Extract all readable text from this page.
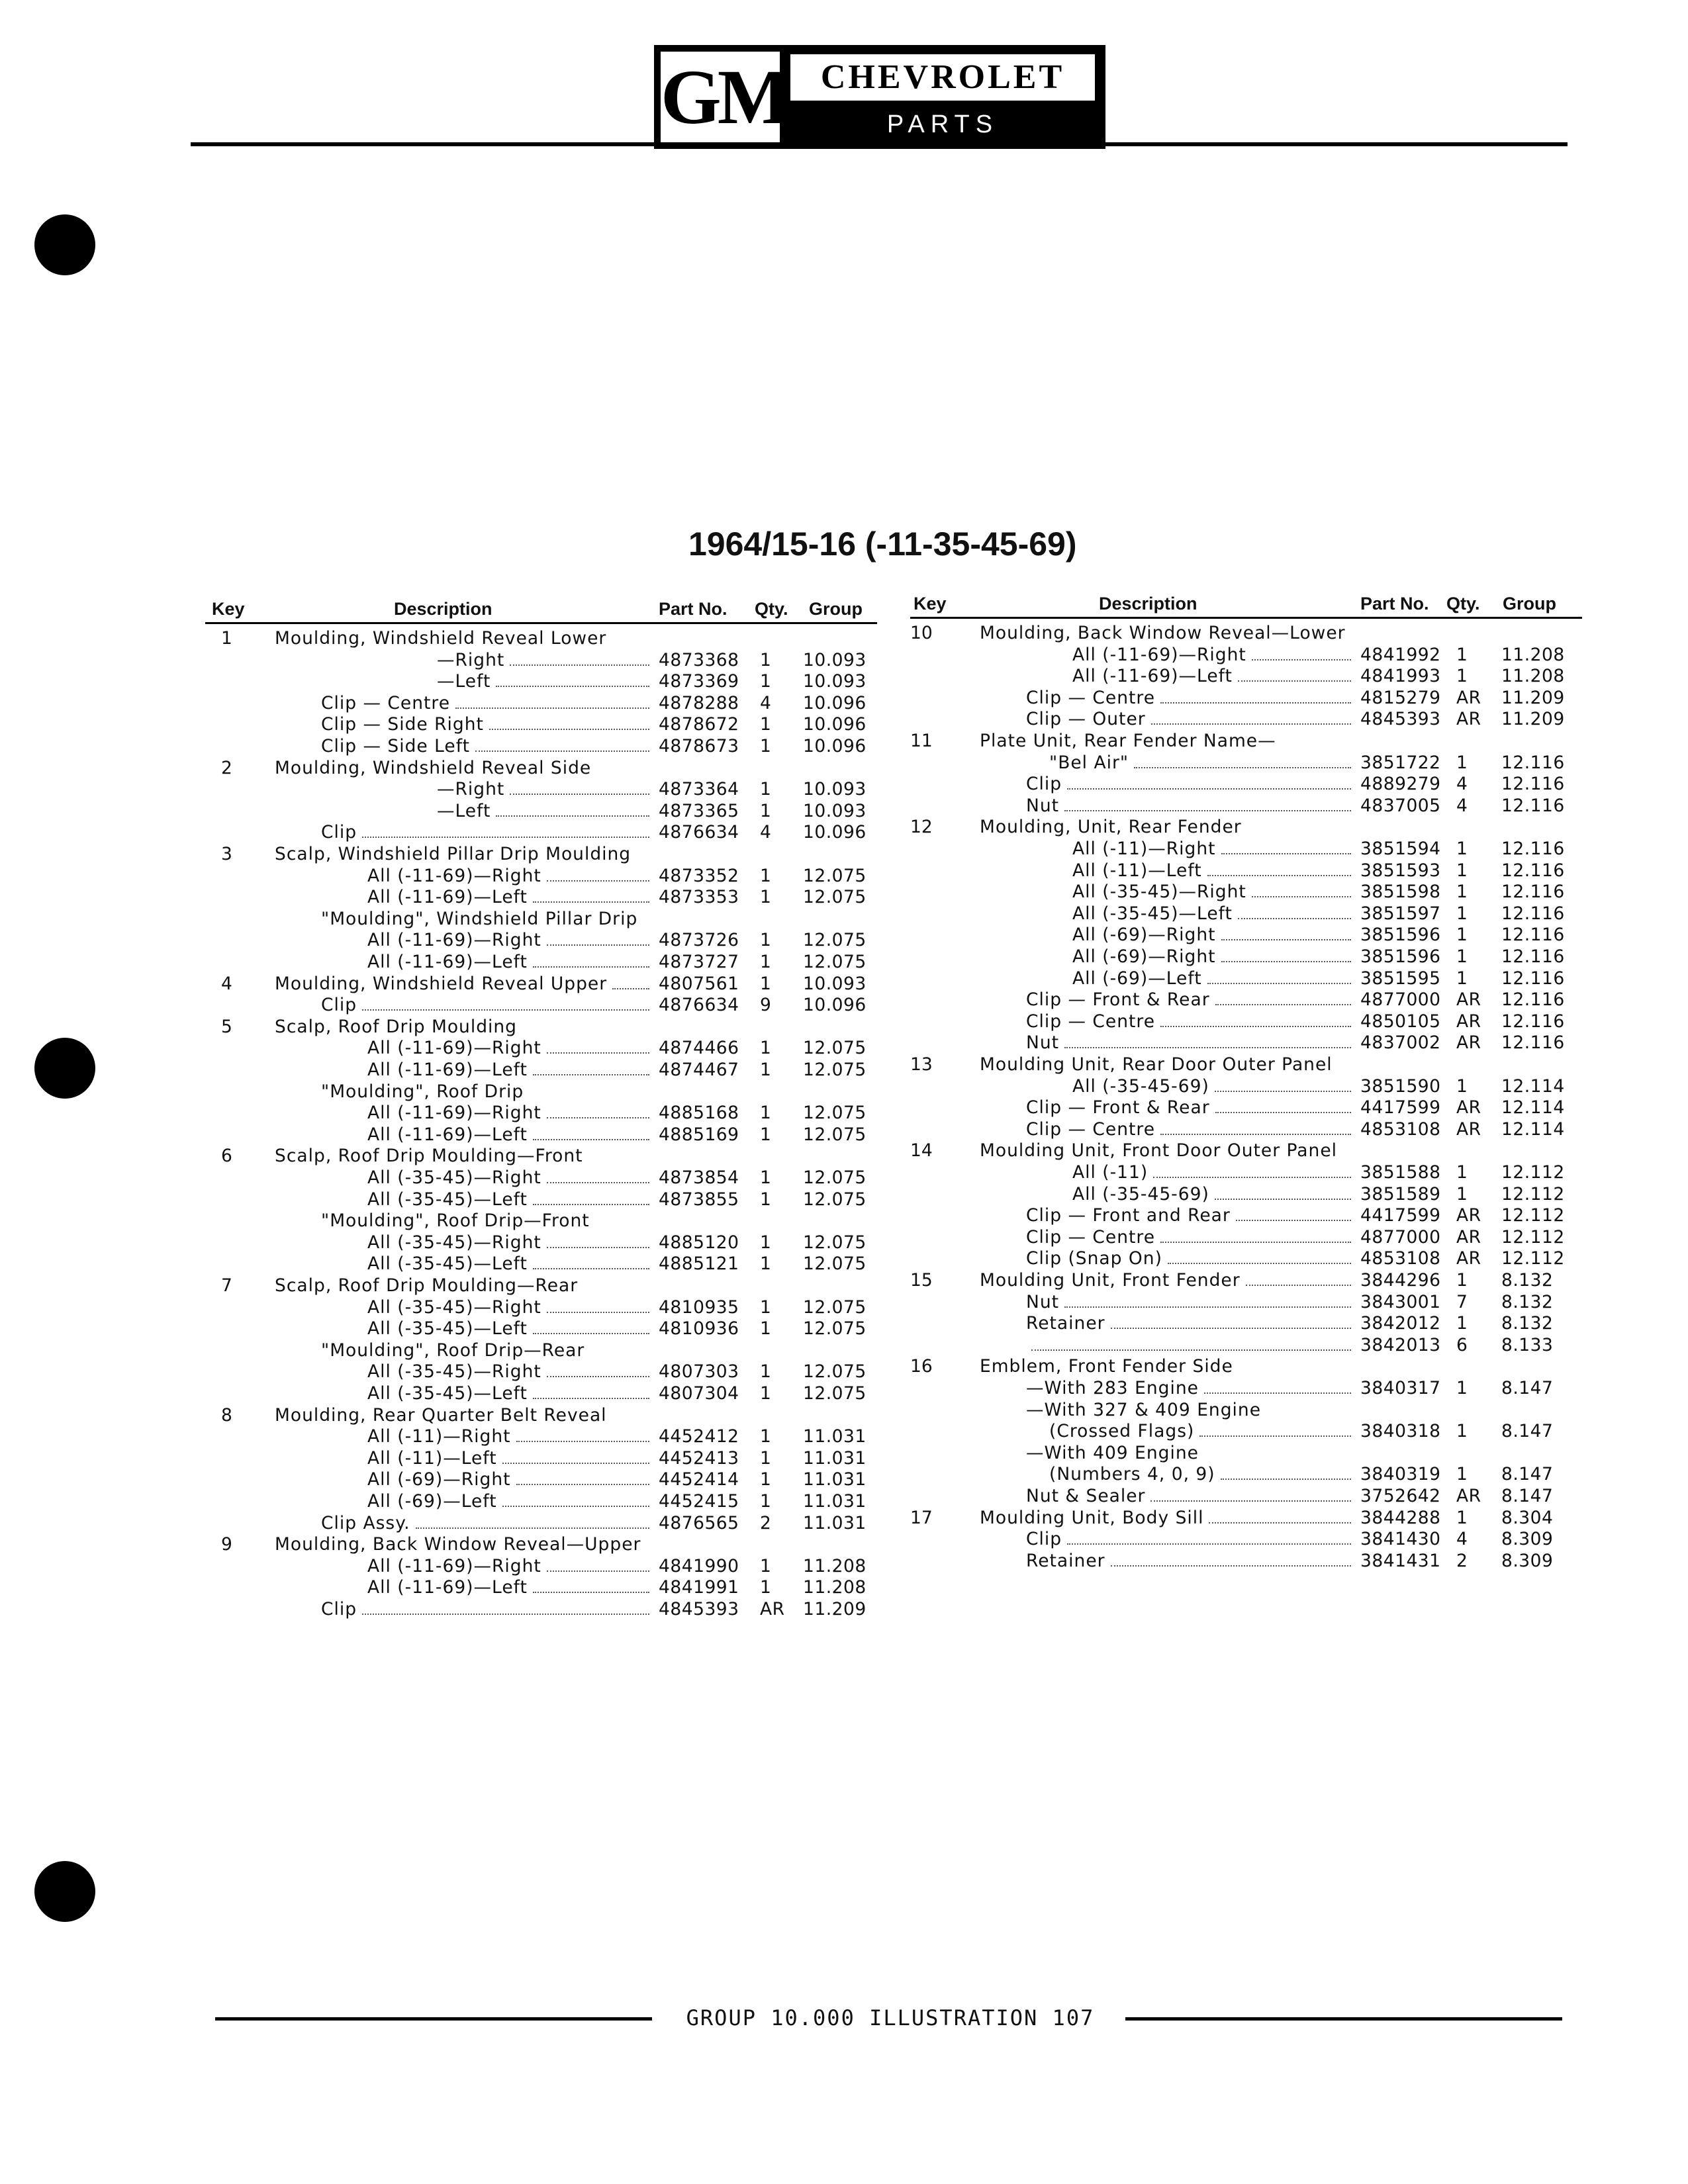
GM CHEVROLET
PARTS CATALOGUE
1964/15-16 (-11-35-45-69)
Key	Description	Part No. Qty. Group
1 Moulding, Windshield Reveal Lower
—Right	4873368 1 10.093
—Left	4873369 1 10.093
Clip — Centre	4878288 4 10.096
Clip — Side Right	4878672 1 10.096
Clip — Side Left	4878673 1 10.096
2 Moulding, Windshield Reveal Side
—Right	4873364 1 10.093
—Left	4873365 1 10.093
Clip	4876634 4 10.096
3 Scalp, Windshield Pillar Drip Moulding
All (-11-69)—Right	4873352 1 12.075
All (-11-69)—Left	4873353 1 12.075
"Moulding", Windshield Pillar Drip
All (-11-69)—Right	4873726 1 12.075
All (-11-69)—Left	4873727 1 12.075
4 Moulding, Windshield Reveal Upper	4807561 1 10.093
Clip	4876634 9 10.096
5 Scalp, Roof Drip Moulding
All (-11-69)—Right	4874466 1 12.075
All (-11-69)—Left	4874467 1 12.075
"Moulding", Roof Drip
All (-11-69)—Right	4885168 1 12.075
All (-11-69)—Left	4885169 1 12.075
6 Scalp, Roof Drip Moulding—Front
All (-35-45)—Right	4873854 1 12.075
All (-35-45)—Left	4873855 1 12.075
"Moulding", Roof Drip—Front
All (-35-45)—Right	4885120 1 12.075
All (-35-45)—Left	4885121 1 12.075
7 Scalp, Roof Drip Moulding—Rear
All (-35-45)—Right	4810935 1 12.075
All (-35-45)—Left	4810936 1 12.075
"Moulding", Roof Drip—Rear
All (-35-45)—Right	4807303 1 12.075
All (-35-45)—Left	4807304 1 12.075
8 Moulding, Rear Quarter Belt Reveal
All (-11)—Right	4452412 1 11.031
All (-11)—Left	4452413 1 11.031
All (-69)—Right	4452414 1 11.031
All (-69)—Left	4452415 1 11.031
Clip Assy.	4876565 2 11.031
9 Moulding, Back Window Reveal—Upper
All (-11-69)—Right	4841990 1 11.208
All (-11-69)—Left	4841991 1 11.208
Clip	4845393 AR 11.209
Key	Description	Part No. Qty. Group
10	Moulding, Back Window Reveal—Lower
All (-11-69)—Right	4841992 1 11.208
All (-11-69)—Left	4841993 1 11.208
Clip — Centre	4815279 AR 11.209
Clip — Outer	4845393 AR 11.209
11	Plate Unit, Rear Fender Name—
"Bel Air"	3851722 1 12.116
Clip	4889279 4 12.116
Nut	4837005 4 12.116
12	Moulding, Unit, Rear Fender
All (-11)—Right	3851594 1 12.116
All (-11)—Left	3851593 1 12.116
All (-35-45)—Right	3851598 1 12.116
All (-35-45)—Left	3851597 1 12.116
All (-69)—Right	3851596 1 12.116
All (-69)—Right	3851596 1 12.116
All (-69)—Left	3851595 1 12.116
Clip — Front & Rear	4877000 AR 12.116
Clip — Centre	4850105 AR 12.116
Nut	4837002 AR 12.116
13	Moulding Unit, Rear Door Outer Panel
All (-35-45-69)	3851590 1 12.114
Clip — Front & Rear	4417599 AR 12.114
Clip — Centre	4853108 AR 12.114
14	Moulding Unit, Front Door Outer Panel
All (-11)	3851588 1 12.112
All (-35-45-69)	3851589 1 12.112
Clip — Front and Rear	4417599 AR 12.112
Clip — Centre	4877000 AR 12.112
Clip (Snap On)	4853108 AR 12.112
15	Moulding Unit, Front Fender	3844296 1 8.132
Nut	3843001 7 8.132
Retainer	3842012 1 8.132
3842013 6 8.133
16	Emblem, Front Fender Side
—With 283 Engine	3840317 1 8.147
—With 327 & 409 Engine
(Crossed Flags)	3840318 1 8.147
—With 409 Engine
(Numbers 4, 0, 9)	3840319 1 8.147
Nut & Sealer	3752642 AR 8.147
17	Moulding Unit, Body Sill	3844288 1 8.304
Clip	3841430 4 8.309
Retainer	3841431 2 8.309
GROUP 10.000 ILLUSTRATION 107
